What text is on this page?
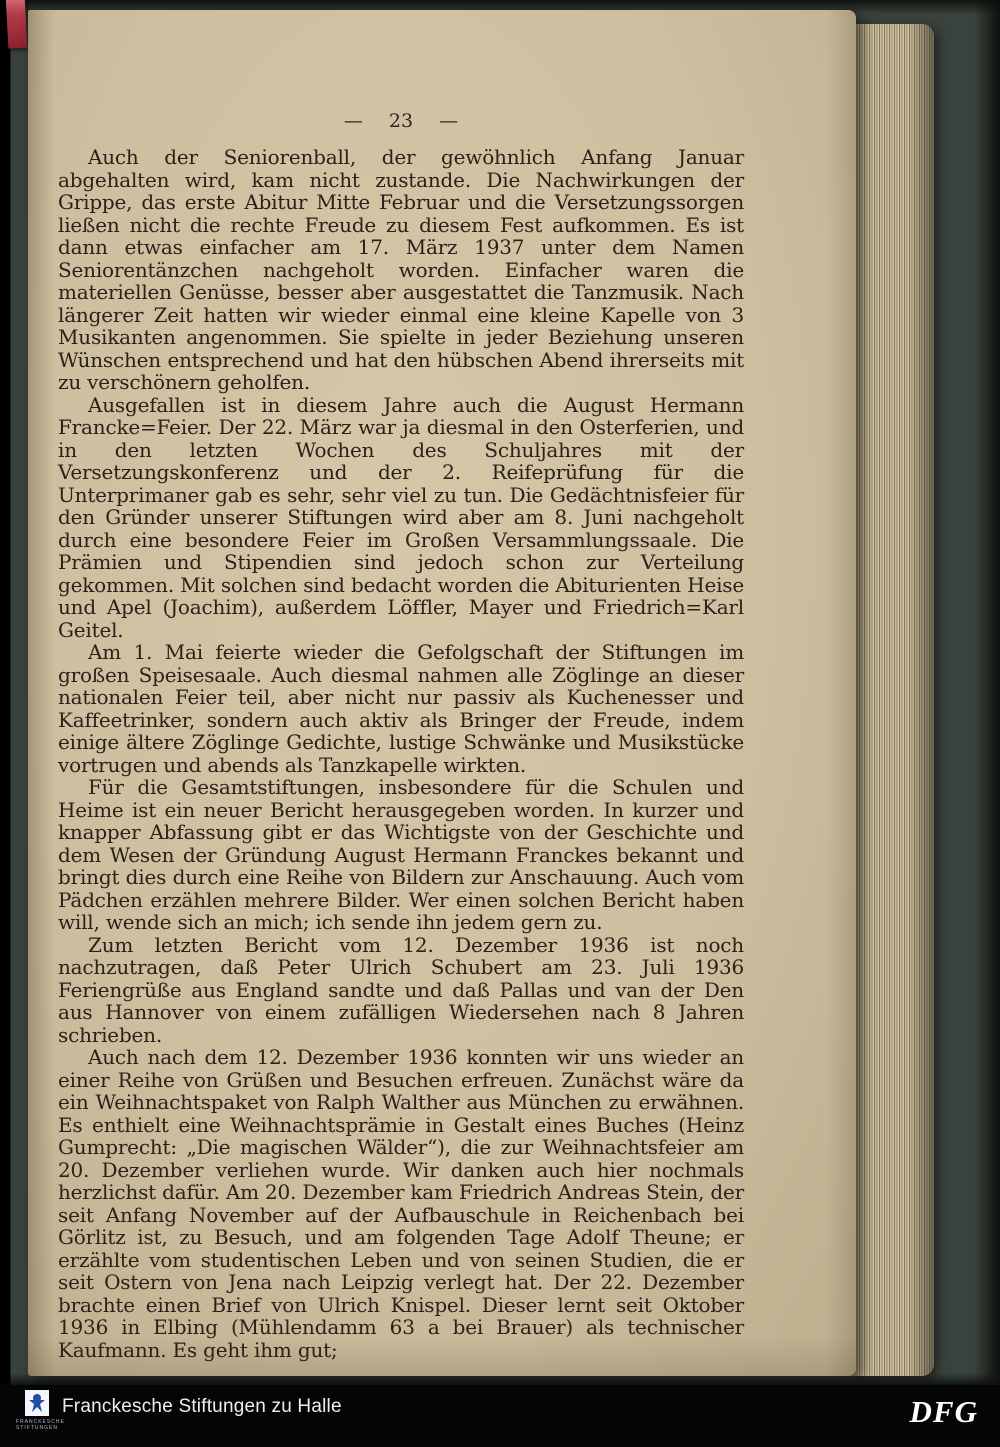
— 23 —

Auch der Seniorenball, der gewöhnlich Anfang Januar abgehalten wird, kam nicht zustande. Die Nachwirkungen der Grippe, das erste Abitur Mitte Februar und die Versetzungssorgen ließen nicht die rechte Freude zu diesem Fest aufkommen. Es ist dann etwas einfacher am 17. März 1937 unter dem Namen Seniorentänzchen nachgeholt worden. Einfacher waren die materiellen Genüsse, besser aber ausgestattet die Tanzmusik. Nach längerer Zeit hatten wir wieder einmal eine kleine Kapelle von 3 Musikanten angenommen. Sie spielte in jeder Beziehung unseren Wünschen entsprechend und hat den hübschen Abend ihrerseits mit zu verschönern geholfen.

Ausgefallen ist in diesem Jahre auch die August Hermann Francke=Feier. Der 22. März war ja diesmal in den Osterferien, und in den letzten Wochen des Schuljahres mit der Versetzungskonferenz und der 2. Reifeprüfung für die Unterprimaner gab es sehr, sehr viel zu tun. Die Gedächtnisfeier für den Gründer unserer Stiftungen wird aber am 8. Juni nachgeholt durch eine besondere Feier im Großen Versammlungssaale. Die Prämien und Stipendien sind jedoch schon zur Verteilung gekommen. Mit solchen sind bedacht worden die Abiturienten Heise und Apel (Joachim), außerdem Löffler, Mayer und Friedrich=Karl Geitel.

Am 1. Mai feierte wieder die Gefolgschaft der Stiftungen im großen Speisesaale. Auch diesmal nahmen alle Zöglinge an dieser nationalen Feier teil, aber nicht nur passiv als Kuchenesser und Kaffeetrinker, sondern auch aktiv als Bringer der Freude, indem einige ältere Zöglinge Gedichte, lustige Schwänke und Musikstücke vortrugen und abends als Tanzkapelle wirkten.

Für die Gesamtstiftungen, insbesondere für die Schulen und Heime ist ein neuer Bericht herausgegeben worden. In kurzer und knapper Abfassung gibt er das Wichtigste von der Geschichte und dem Wesen der Gründung August Hermann Franckes bekannt und bringt dies durch eine Reihe von Bildern zur Anschauung. Auch vom Pädchen erzählen mehrere Bilder. Wer einen solchen Bericht haben will, wende sich an mich; ich sende ihn jedem gern zu.

Zum letzten Bericht vom 12. Dezember 1936 ist noch nachzutragen, daß Peter Ulrich Schubert am 23. Juli 1936 Feriengrüße aus England sandte und daß Pallas und van der Den aus Hannover von einem zufälligen Wiedersehen nach 8 Jahren schrieben.

Auch nach dem 12. Dezember 1936 konnten wir uns wieder an einer Reihe von Grüßen und Besuchen erfreuen. Zunächst wäre da ein Weihnachtspaket von Ralph Walther aus München zu erwähnen. Es enthielt eine Weihnachtsprämie in Gestalt eines Buches (Heinz Gumprecht: „Die magischen Wälder“), die zur Weihnachtsfeier am 20. Dezember verliehen wurde. Wir danken auch hier nochmals herzlichst dafür. Am 20. Dezember kam Friedrich Andreas Stein, der seit Anfang November auf der Aufbauschule in Reichenbach bei Görlitz ist, zu Besuch, und am folgenden Tage Adolf Theune; er erzählte vom studentischen Leben und von seinen Studien, die er seit Ostern von Jena nach Leipzig verlegt hat. Der 22. Dezember brachte einen Brief von Ulrich Knispel. Dieser lernt seit Oktober 1936 in Elbing (Mühlendamm 63 a bei Brauer) als technischer Kaufmann. Es geht ihm gut;

FRANCKESCHE
STIFTUNGEN
Franckesche Stiftungen zu Halle	DFG
